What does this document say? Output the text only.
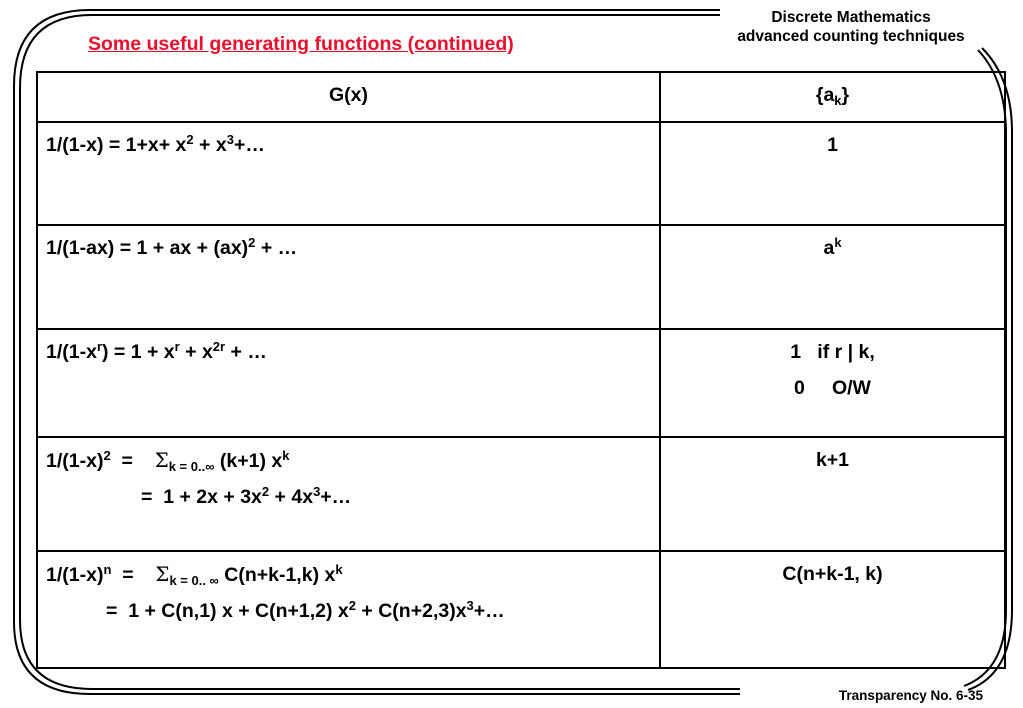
Discrete Mathematics
advanced counting techniques
Some useful generating functions (continued)
G(x)	$\{a_k\}$
$1/(1-x) = 1+x+ x^2$ + $x^3+\dots$	1
1/(1-ax) = 1 + ax + (ax)$^2$ + …	$a^k$
$1/(1-x^r) = 1 + x^r + x^{2r}$ + …	1   if r | k,
0     O/W

$1/(1-x)^2$  =    $\Sigma_{k = 0..\infty}$ (k+1) $x^k$
=  $1 + 2x + 3x^2$ + $4x^3+\dots$	k+1
$1/(1-x)^n$  =    $\Sigma_{k = 0.. \infty}$ C(n+k-1,k) $x^k$
=  1 + C(n,1) x + C(n+1,2) $x^2$ + $C(n+2,3)x^3+\dots$	C(n+k-1, k)
Transparency No. 6-35
